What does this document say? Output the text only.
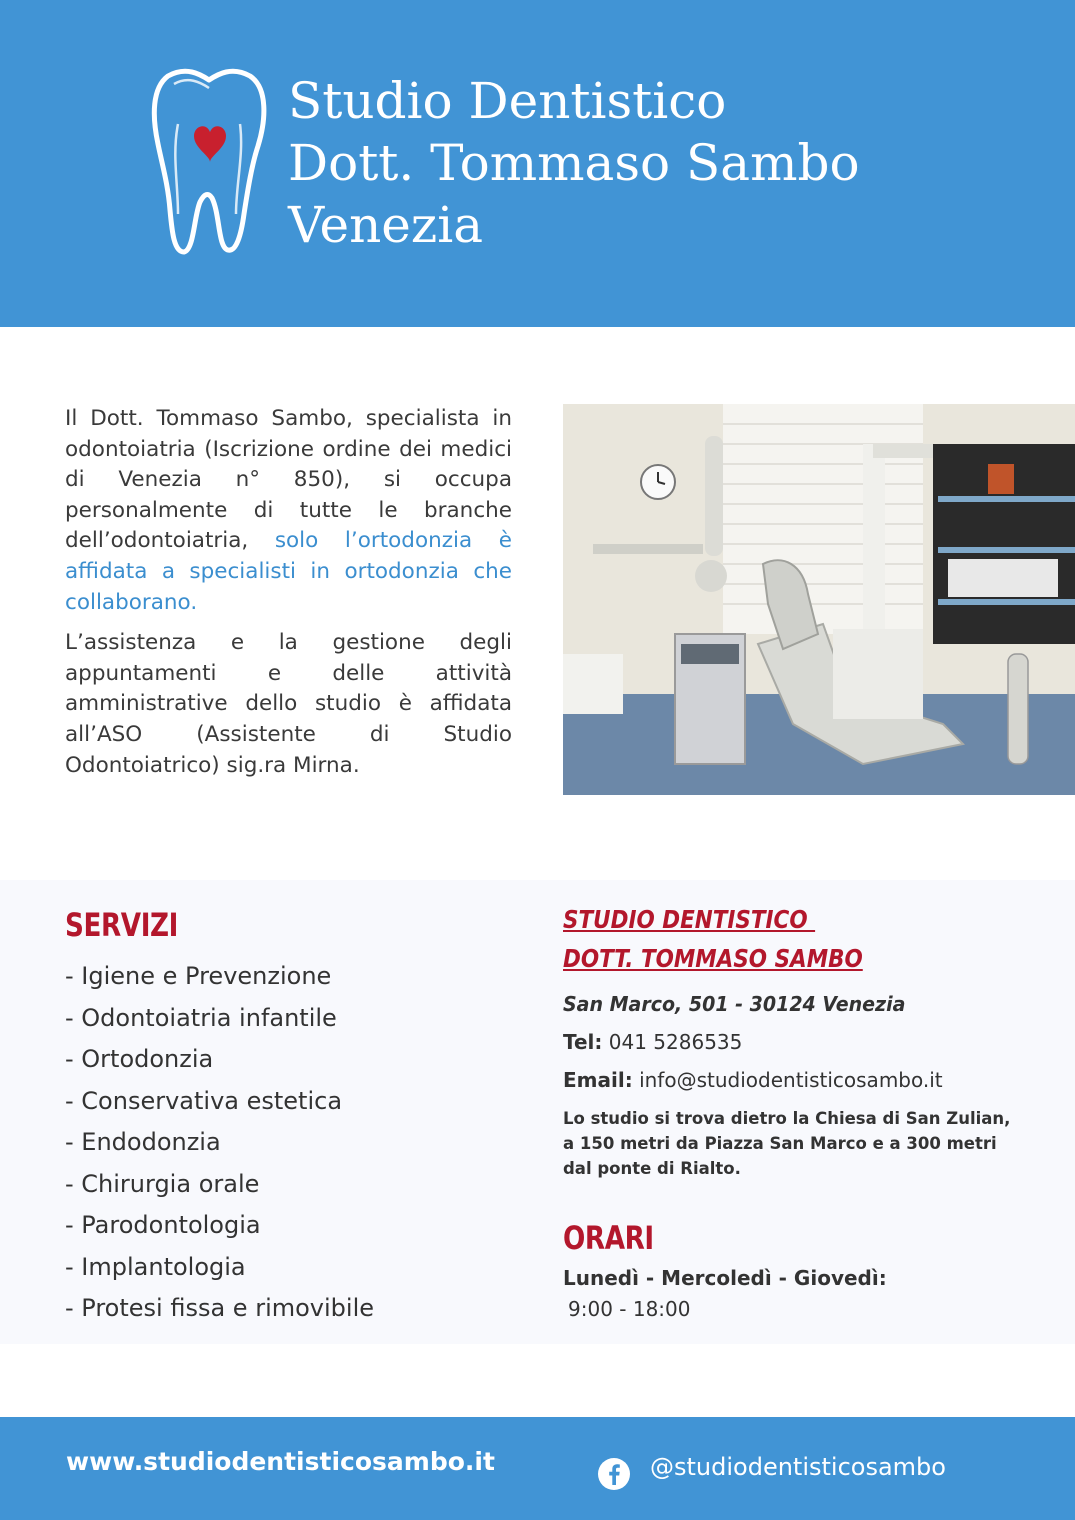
Studio Dentistico
Dott. Tommaso Sambo
Venezia

Il Dott. Tommaso Sambo, specialista in odontoiatria (Iscrizione ordine dei medici di Venezia n° 850), si occupa personalmente di tutte le branche dell’odontoiatria, solo l’ortodonzia è affidata a specialisti in ortodonzia che collaborano.

L’assistenza e la gestione degli appuntamenti e delle attività amministrative dello studio è affidata all’ASO (Assistente di Studio Odontoiatrico) sig.ra Mirna.

SERVIZI
- Igiene e Prevenzione
- Odontoiatria infantile
- Ortodonzia
- Conservativa estetica
- Endodonzia
- Chirurgia orale
- Parodontologia
- Implantologia
- Protesi fissa e rimovibile
STUDIO DENTISTICO
DOTT. TOMMASO SAMBO
San Marco, 501 - 30124 Venezia
Tel: 041 5286535
Email: info@studiodentisticosambo.it
Lo studio si trova dietro la Chiesa di San Zulian, a 150 metri da Piazza San Marco e a 300 metri dal ponte di Rialto.
ORARI
Lunedì - Mercoledì - Giovedì:
9:00 - 18:00
www.studiodentisticosambo.it	@studiodentisticosambo
